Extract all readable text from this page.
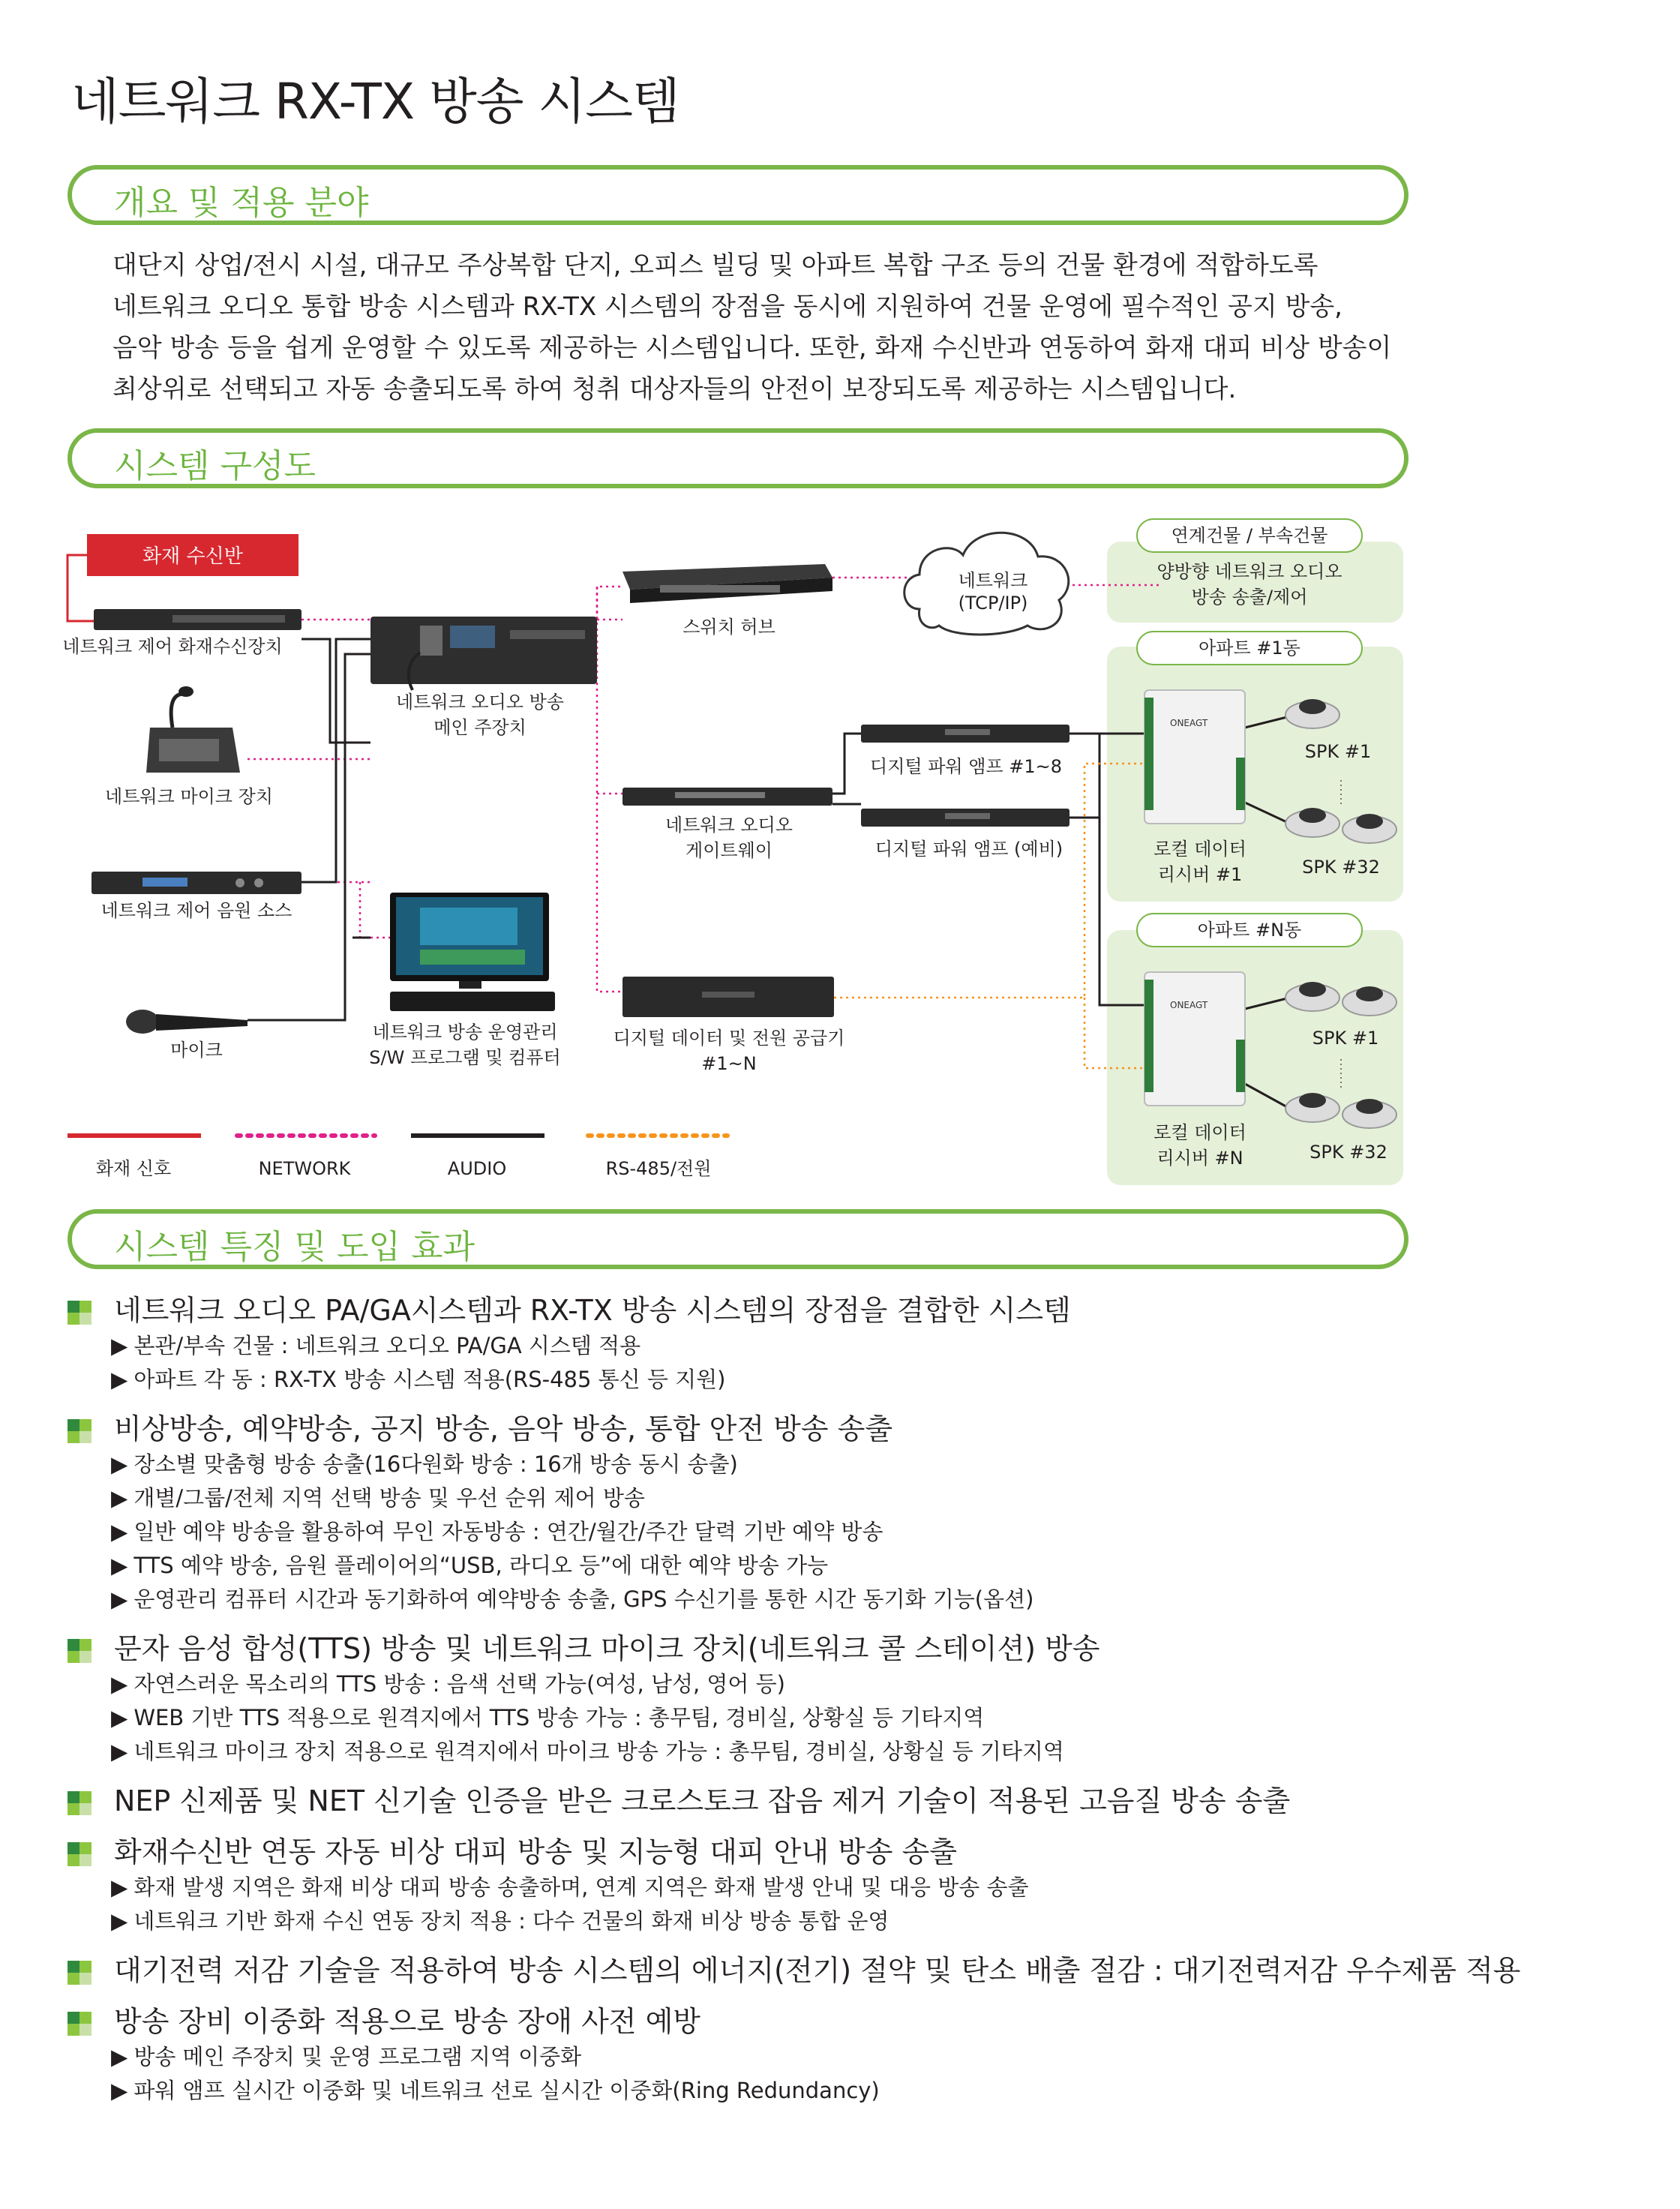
네트워크 RX-TX 방송 시스템
개요 및 적용 분야
대단지 상업/전시 시설, 대규모 주상복합 단지, 오피스 빌딩 및 아파트 복합 구조 등의 건물 환경에 적합하도록
네트워크 오디오 통합 방송 시스템과 RX-TX 시스템의 장점을 동시에 지원하여 건물 운영에 필수적인 공지 방송,
음악 방송 등을 쉽게 운영할 수 있도록 제공하는 시스템입니다. 또한, 화재 수신반과 연동하여 화재 대피 비상 방송이
최상위로 선택되고 자동 송출되도록 하여 청취 대상자들의 안전이 보장되도록 제공하는 시스템입니다.
시스템 구성도
연계건물 / 부속건물
양방향 네트워크 오디오
방송 송출/제어
아파트 #1동
아파트 #N동
화재 수신반
네트워크 제어 화재수신장치
네트워크 마이크 장치
네트워크 제어 음원 소스
마이크
네트워크 오디오 방송
메인 주장치
네트워크 방송 운영관리
S/W 프로그램 및 컴퓨터
스위치 허브
네트워크
(TCP/IP)
네트워크 오디오
게이트웨이
디지털 데이터 및 전원 공급기
#1~N
디지털 파워 앰프 #1~8
디지털 파워 앰프 (예비)
ONEAGT
로컬 데이터
리시버 #1
ONEAGT
로컬 데이터
리시버 #N
SPK #1
SPK #32
SPK #1
SPK #32
화재 신호	NETWORK	AUDIO	RS-485/전원
시스템 특징 및 도입 효과
네트워크 오디오 PA/GA시스템과 RX-TX 방송 시스템의 장점을 결합한 시스템
▶ 본관/부속 건물 : 네트워크 오디오 PA/GA 시스템 적용
▶ 아파트 각 동 : RX-TX 방송 시스템 적용(RS-485 통신 등 지원)
비상방송, 예약방송, 공지 방송, 음악 방송, 통합 안전 방송 송출
▶ 장소별 맞춤형 방송 송출(16다원화 방송 : 16개 방송 동시 송출)
▶ 개별/그룹/전체 지역 선택 방송 및 우선 순위 제어 방송
▶ 일반 예약 방송을 활용하여 무인 자동방송 : 연간/월간/주간 달력 기반 예약 방송
▶ TTS 예약 방송, 음원 플레이어의“USB, 라디오 등”에 대한 예약 방송 가능
▶ 운영관리 컴퓨터 시간과 동기화하여 예약방송 송출, GPS 수신기를 통한 시간 동기화 기능(옵션)
문자 음성 합성(TTS) 방송 및 네트워크 마이크 장치(네트워크 콜 스테이션) 방송
▶ 자연스러운 목소리의 TTS 방송 : 음색 선택 가능(여성, 남성, 영어 등)
▶ WEB 기반 TTS 적용으로 원격지에서 TTS 방송 가능 : 총무팀, 경비실, 상황실 등 기타지역
▶ 네트워크 마이크 장치 적용으로 원격지에서 마이크 방송 가능 : 총무팀, 경비실, 상황실 등 기타지역
NEP 신제품 및 NET 신기술 인증을 받은 크로스토크 잡음 제거 기술이 적용된 고음질 방송 송출
화재수신반 연동 자동 비상 대피 방송 및 지능형 대피 안내 방송 송출
▶ 화재 발생 지역은 화재 비상 대피 방송 송출하며, 연계 지역은 화재 발생 안내 및 대응 방송 송출
▶ 네트워크 기반 화재 수신 연동 장치 적용 : 다수 건물의 화재 비상 방송 통합 운영
대기전력 저감 기술을 적용하여 방송 시스템의 에너지(전기) 절약 및 탄소 배출 절감 : 대기전력저감 우수제품 적용
방송 장비 이중화 적용으로 방송 장애 사전 예방
▶ 방송 메인 주장치 및 운영 프로그램 지역 이중화
▶ 파워 앰프 실시간 이중화 및 네트워크 선로 실시간 이중화(Ring Redundancy)
